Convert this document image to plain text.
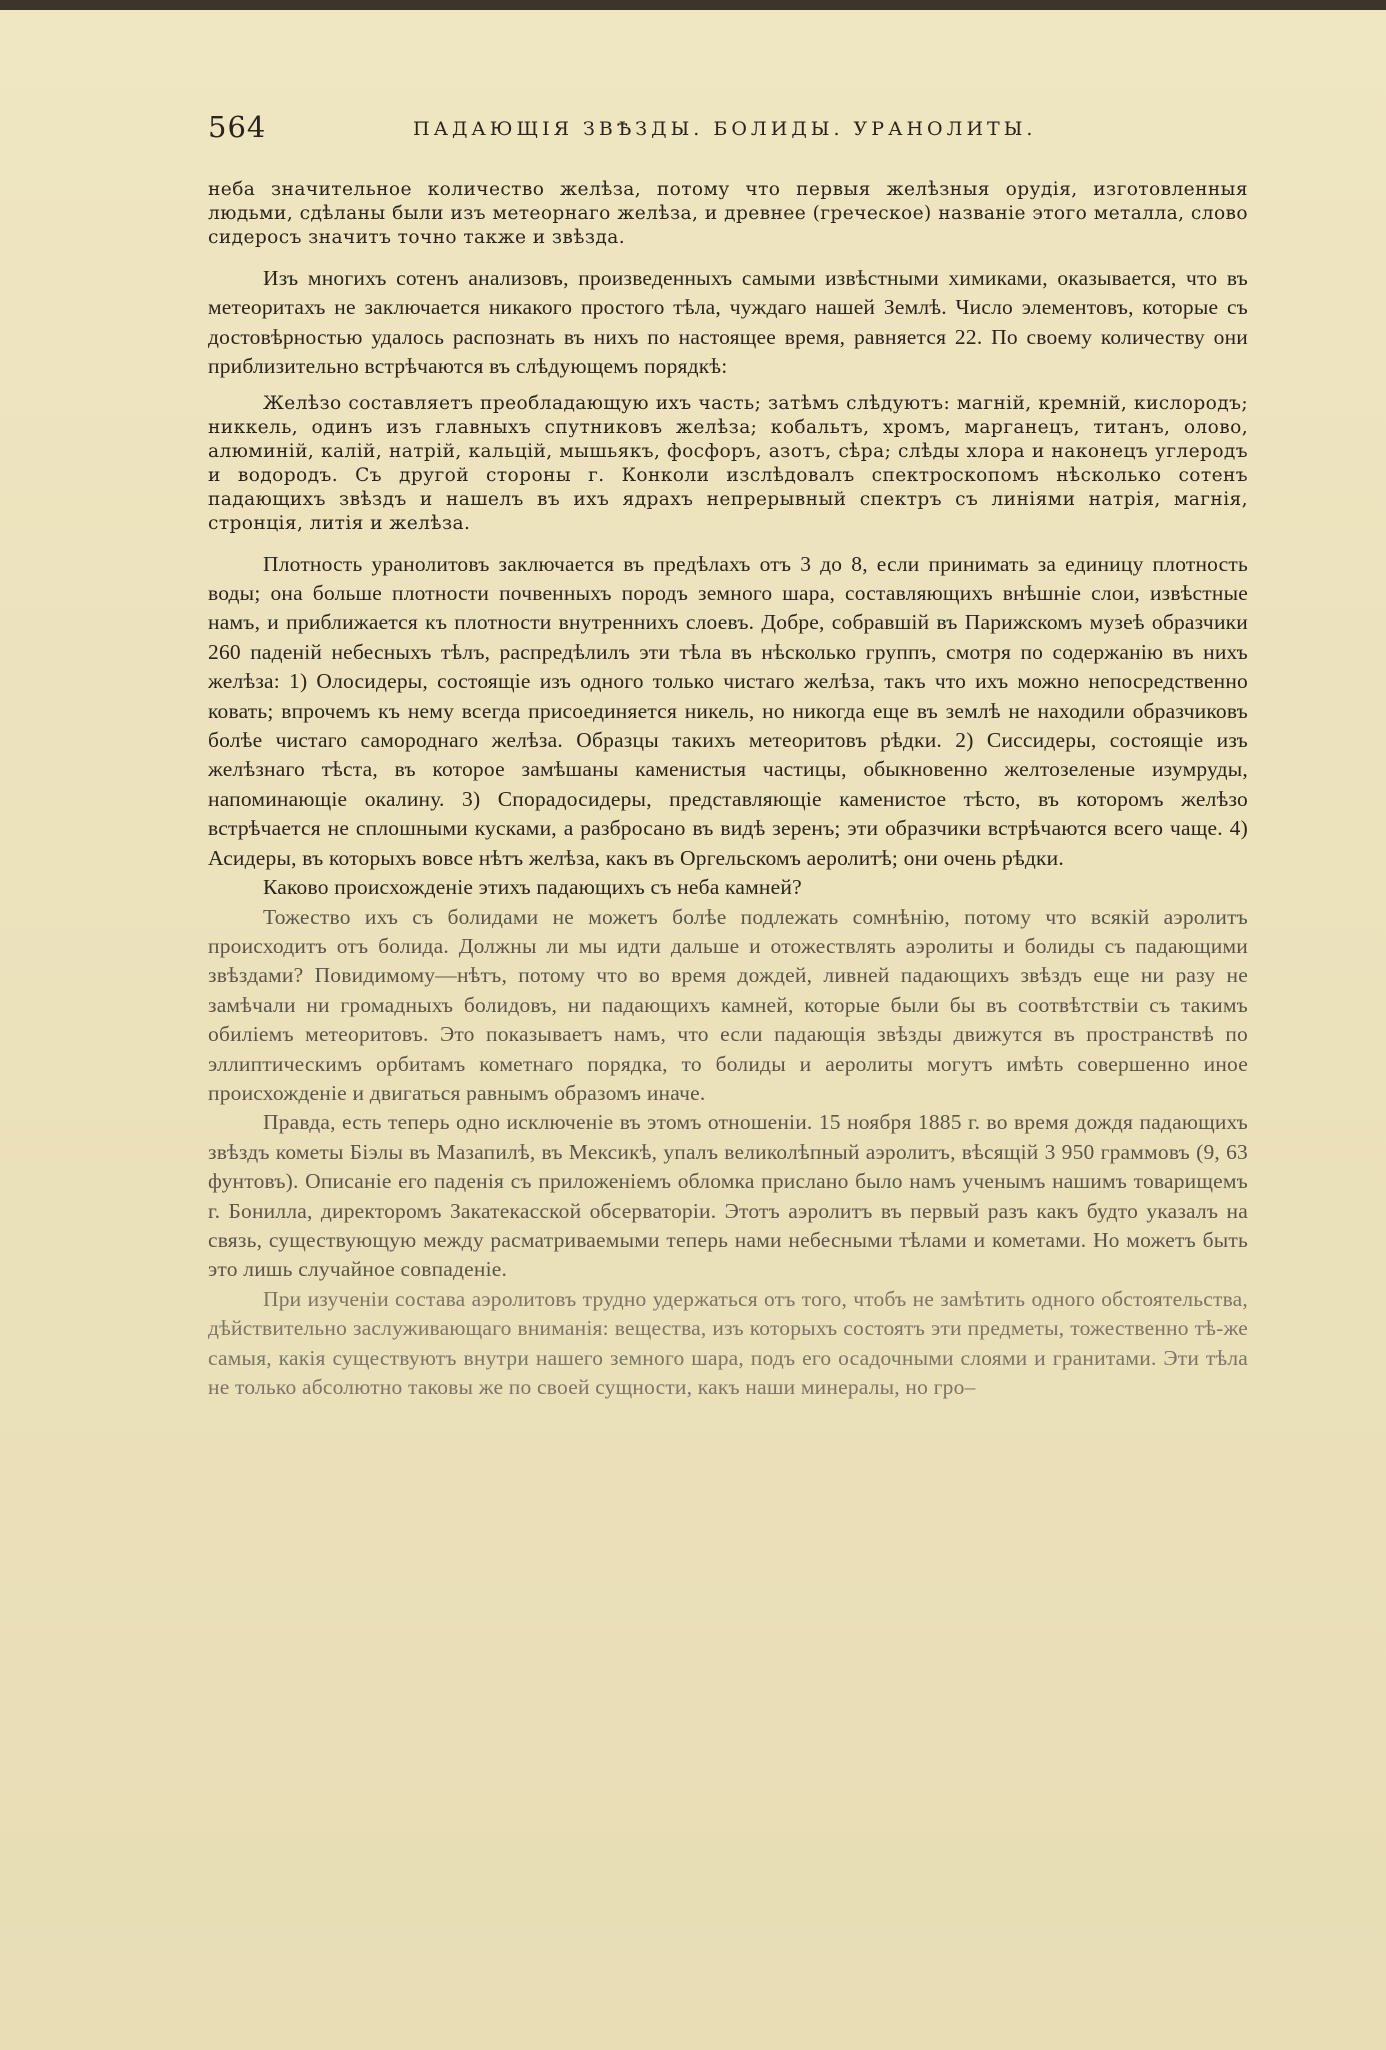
564	ПАДАЮЩІЯ ЗВѢЗДЫ. БОЛИДЫ. УРАНОЛИТЫ.

неба значительное количество желѣза, потому что первыя желѣзныя орудія, изготовленныя людьми, сдѣланы были изъ метеорнаго желѣза, и древнее (греческое) названіе этого металла, слово сидеросъ значитъ точно также и звѣзда.

Изъ многихъ сотенъ анализовъ, произведенныхъ самыми извѣстными химиками, оказывается, что въ метеоритахъ не заключается никакого простого тѣла, чуждаго нашей Землѣ. Число элементовъ, которые съ достовѣрностью удалось распознать въ нихъ по настоящее время, равняется 22. По своему количеству они приблизительно встрѣчаются въ слѣдующемъ порядкѣ:

Желѣзо составляетъ преобладающую ихъ часть; затѣмъ слѣдуютъ: магній, кремній, кислородъ; никкель, одинъ изъ главныхъ спутниковъ желѣза; кобальтъ, хромъ, марганецъ, титанъ, олово, алюминій, калій, натрій, кальцій, мышьякъ, фосфоръ, азотъ, сѣра; слѣды хлора и наконецъ углеродъ и водородъ. Съ другой стороны г. Конколи изслѣдовалъ спектроскопомъ нѣсколько сотенъ падающихъ звѣздъ и нашелъ въ ихъ ядрахъ непрерывный спектръ съ линіями натрія, магнія, стронція, литія и желѣза.

Плотность уранолитовъ заключается въ предѣлахъ отъ 3 до 8, если принимать за единицу плотность воды; она больше плотности почвенныхъ породъ земного шара, составляющихъ внѣшніе слои, извѣстные намъ, и приближается къ плотности внутреннихъ слоевъ. Добре, собравшій въ Парижскомъ музеѣ образчики 260 паденій небесныхъ тѣлъ, распредѣлилъ эти тѣла въ нѣсколько группъ, смотря по содержанію въ нихъ желѣза: 1) Олосидеры, состоящіе изъ одного только чистаго желѣза, такъ что ихъ можно непосредственно ковать; впрочемъ къ нему всегда присоединяется никель, но никогда еще въ землѣ не находили образчиковъ болѣе чистаго самороднаго желѣза. Образцы такихъ метеоритовъ рѣдки. 2) Сиссидеры, состоящіе изъ желѣзнаго тѣста, въ которое замѣшаны каменистыя частицы, обыкновенно желтозеленые изумруды, напоминающіе окалину. 3) Спорадосидеры, представляющіе каменистое тѣсто, въ которомъ желѣзо встрѣчается не сплошными кусками, а разбросано въ видѣ зеренъ; эти образчики встрѣчаются всего чаще. 4) Асидеры, въ которыхъ вовсе нѣтъ желѣза, какъ въ Оргельскомъ аеролитѣ; они очень рѣдки.

Каково происхожденіе этихъ падающихъ съ неба камней?

Тожество ихъ съ болидами не можетъ болѣе подлежать сомнѣнію, потому что всякій аэролитъ происходитъ отъ болида. Должны ли мы идти дальше и отожествлять аэролиты и болиды съ падающими звѣздами? Повидимому—нѣтъ, потому что во время дождей, ливней падающихъ звѣздъ еще ни разу не замѣчали ни громадныхъ болидовъ, ни падающихъ камней, которые были бы въ соотвѣтствіи съ такимъ обиліемъ метеоритовъ. Это показываетъ намъ, что если падающія звѣзды движутся въ пространствѣ по эллиптическимъ орбитамъ кометнаго порядка, то болиды и аеролиты могутъ имѣть совершенно иное происхожденіе и двигаться равнымъ образомъ иначе.

Правда, есть теперь одно исключеніе въ этомъ отношеніи. 15 ноября 1885 г. во время дождя падающихъ звѣздъ кометы Біэлы въ Мазапилѣ, въ Мексикѣ, упалъ великолѣпный аэролитъ, вѣсящій 3 950 граммовъ (9, 63 фунтовъ). Описаніе его паденія съ приложеніемъ обломка прислано было намъ ученымъ нашимъ товарищемъ г. Бонилла, директоромъ Закатекасской обсерваторіи. Этотъ аэролитъ въ первый разъ какъ будто указалъ на связь, существующую между расматриваемыми теперь нами небесными тѣлами и кометами. Но можетъ быть это лишь случайное совпаденіе.

При изученіи состава аэролитовъ трудно удержаться отъ того, чтобъ не замѣтить одного обстоятельства, дѣйствительно заслуживающаго вниманія: вещества, изъ которыхъ состоятъ эти предметы, тожественно тѣ-же самыя, какія существуютъ внутри нашего земного шара, подъ его осадочными слоями и гранитами. Эти тѣла не только абсолютно таковы же по своей сущности, какъ наши минералы, но гро–
